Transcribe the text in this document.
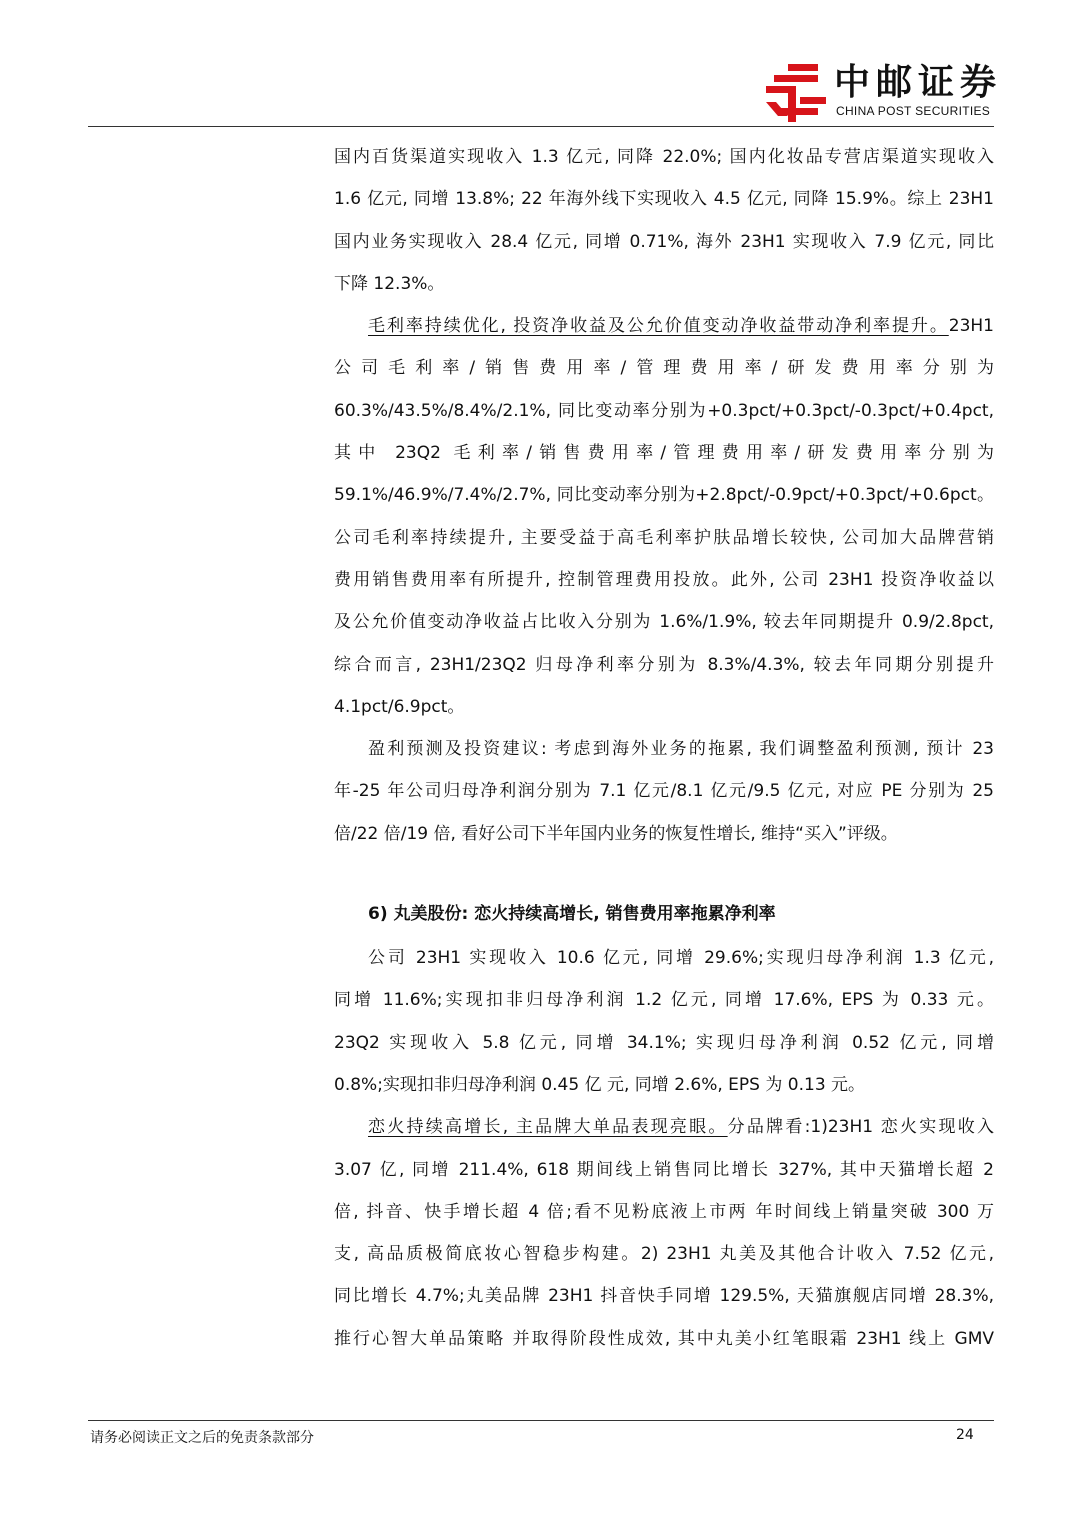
中邮证券
CHINA POST SECURITIES
国内百货渠道实现收入 1.3 亿元, 同降 22.0%; 国内化妆品专营店渠道实现收入
1.6 亿元, 同增 13.8%; 22 年海外线下实现收入 4.5 亿元, 同降 15.9%。综上 23H1
国内业务实现收入 28.4 亿元, 同增 0.71%, 海外 23H1 实现收入 7.9 亿元, 同比
下降 12.3%。
毛利率持续优化, 投资净收益及公允价值变动净收益带动净利率提升。23H1
公司毛利率/销售费用率/管理费用率/研发费用率分别为
60.3%/43.5%/8.4%/2.1%, 同比变动率分别为+0.3pct/+0.3pct/-0.3pct/+0.4pct,
其中 23Q2 毛利率/销售费用率/管理费用率/研发费用率分别为
59.1%/46.9%/7.4%/2.7%, 同比变动率分别为+2.8pct/-0.9pct/+0.3pct/+0.6pct。
公司毛利率持续提升, 主要受益于高毛利率护肤品增长较快, 公司加大品牌营销
费用销售费用率有所提升, 控制管理费用投放。此外, 公司 23H1 投资净收益以
及公允价值变动净收益占比收入分别为 1.6%/1.9%, 较去年同期提升 0.9/2.8pct,
综合而言, 23H1/23Q2 归母净利率分别为 8.3%/4.3%, 较去年同期分别提升
4.1pct/6.9pct。
盈利预测及投资建议: 考虑到海外业务的拖累, 我们调整盈利预测, 预计 23
年-25 年公司归母净利润分别为 7.1 亿元/8.1 亿元/9.5 亿元, 对应 PE 分别为 25
倍/22 倍/19 倍, 看好公司下半年国内业务的恢复性增长, 维持“买入”评级。
6) 丸美股份: 恋火持续高增长, 销售费用率拖累净利率
公司 23H1 实现收入 10.6 亿元, 同增 29.6%;实现归母净利润 1.3 亿元,
同增 11.6%;实现扣非归母净利润 1.2 亿元, 同增 17.6%, EPS 为 0.33 元。
23Q2 实现收入 5.8 亿元, 同增 34.1%; 实现归母净利润 0.52 亿元, 同增
0.8%;实现扣非归母净利润 0.45 亿 元, 同增 2.6%, EPS 为 0.13 元。
恋火持续高增长, 主品牌大单品表现亮眼。分品牌看:1)23H1 恋火实现收入
3.07 亿, 同增 211.4%, 618 期间线上销售同比增长 327%, 其中天猫增长超 2
倍, 抖音、快手增长超 4 倍;看不见粉底液上市两 年时间线上销量突破 300 万
支, 高品质极简底妆心智稳步构建。2) 23H1 丸美及其他合计收入 7.52 亿元,
同比增长 4.7%;丸美品牌 23H1 抖音快手同增 129.5%, 天猫旗舰店同增 28.3%,
推行心智大单品策略 并取得阶段性成效, 其中丸美小红笔眼霜 23H1 线上 GMV
请务必阅读正文之后的免责条款部分	24
